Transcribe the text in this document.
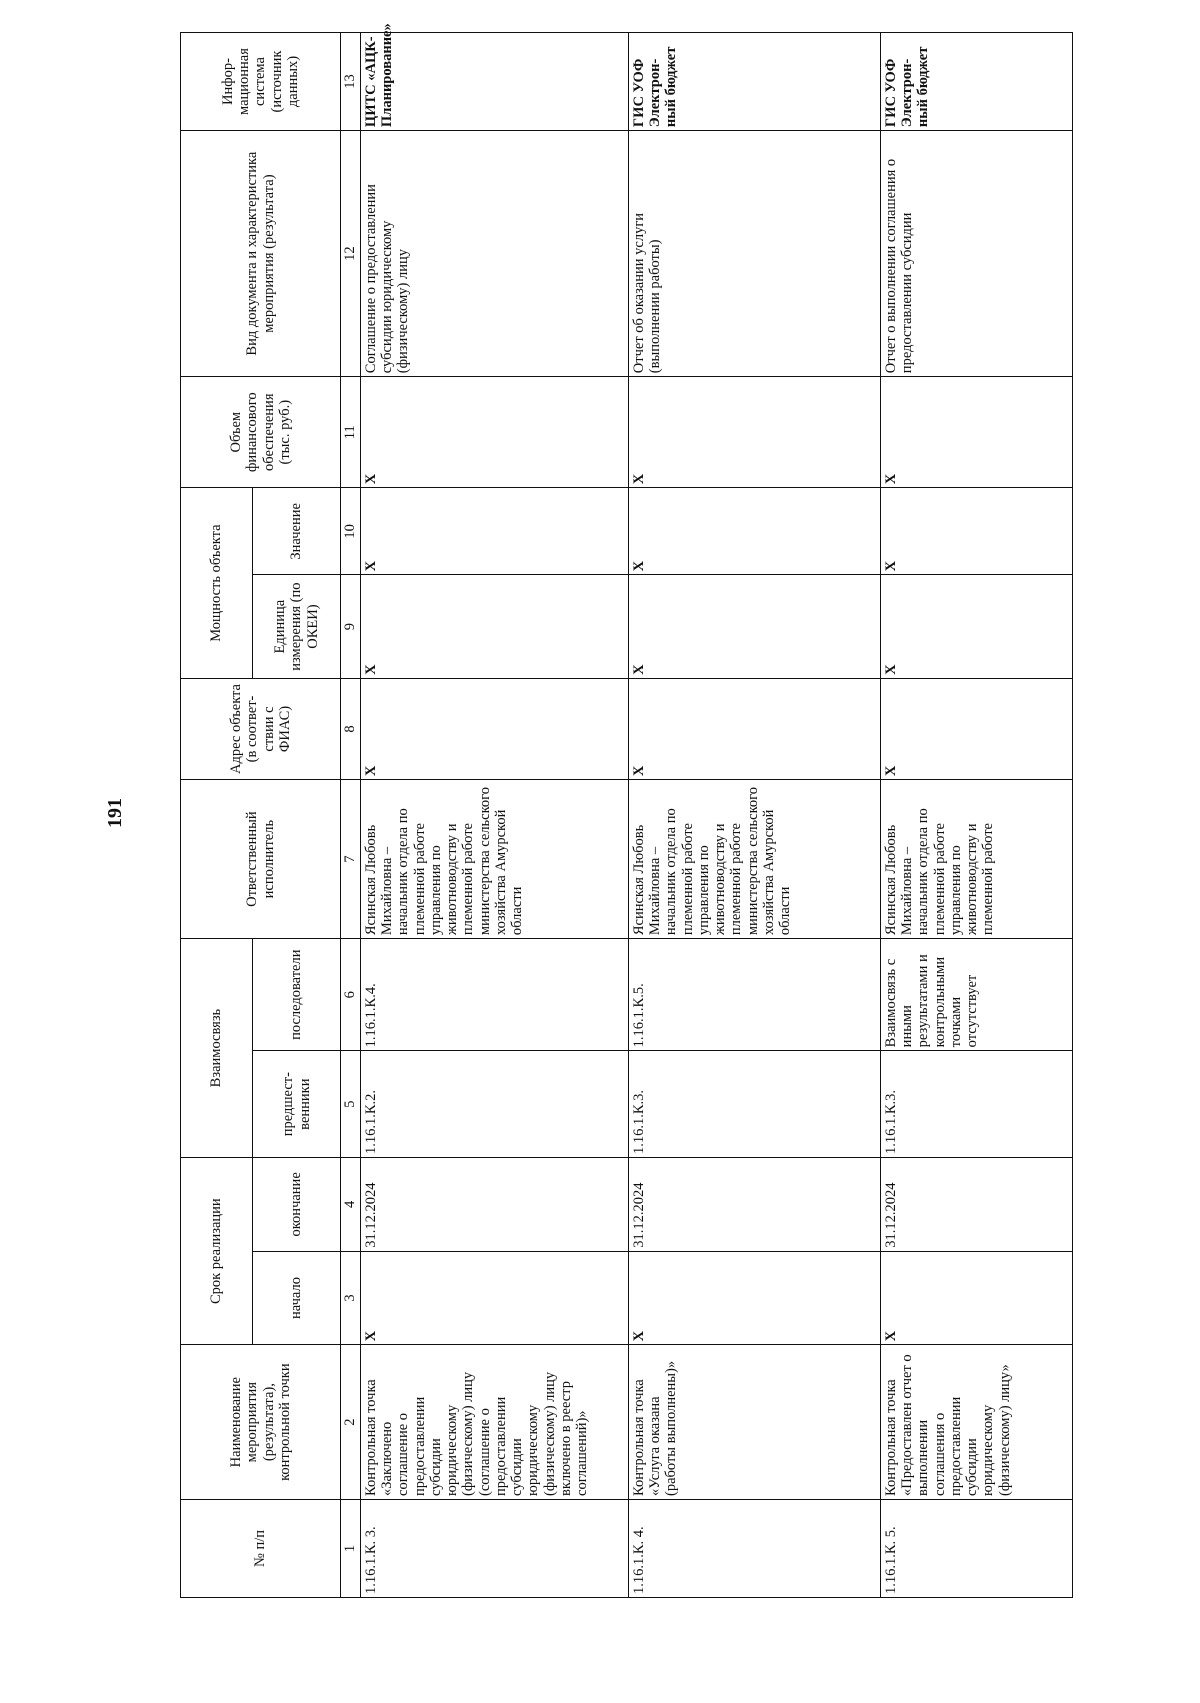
191
№ п/п	Наименование мероприятия (результата), контрольной точки	Срок реализации		Взаимосвязь		Ответственный исполнитель	Адрес объекта (в соответ-ствии с ФИАС)	Мощность объекта		Объем финансового обеспечения (тыс. руб.)	Вид документа и характеристика мероприятия (результата)	Инфор-мационная система (источник данных)
		начало	окончание	предшест-венники	последователи			Единица измерения (по ОКЕИ)	Значение			
1	2	3	4	5	6	7	8	9	10	11	12	13
1.16.1.К. 3.	Контрольная точка «Заключено соглашение о предоставлении субсидии юридическому (физическому) лицу (соглашение о предоставлении субсидии юридическому (физическому) лицу включено в реестр соглашений)»	X	31.12.2024	1.16.1.К.2.	1.16.1.К.4.	Ясинская Любовь Михайловна – начальник отдела по племенной работе управления по животноводству и племенной работе министерства сельского хозяйства Амурской области	X	X	X	X	Соглашение о предоставлении субсидии юридическому (физическому) лицу	ЦИТС «АЦК-Планирование»
1.16.1.К. 4.	Контрольная точка «Услуга оказана (работы выполнены)»	X	31.12.2024	1.16.1.К.3.	1.16.1.К.5.	Ясинская Любовь Михайловна – начальник отдела по племенной работе управления по животноводству и племенной работе министерства сельского хозяйства Амурской области	X	X	X	X	Отчет об оказании услуги (выполнении работы)	ГИС УОФ Электрон-ный бюджет
1.16.1.К. 5.	Контрольная точка «Предоставлен отчет о выполнении соглашения о предоставлении субсидии юридическому (физическому) лицу»	X	31.12.2024	1.16.1.К.3.	Взаимосвязь с иными результатами и контрольными точками отсутствует	Ясинская Любовь Михайловна – начальник отдела по племенной работе управления по животноводству и племенной работе	X	X	X	X	Отчет о выполнении соглашения о предоставлении субсидии	ГИС УОФ Электрон-ный бюджет
